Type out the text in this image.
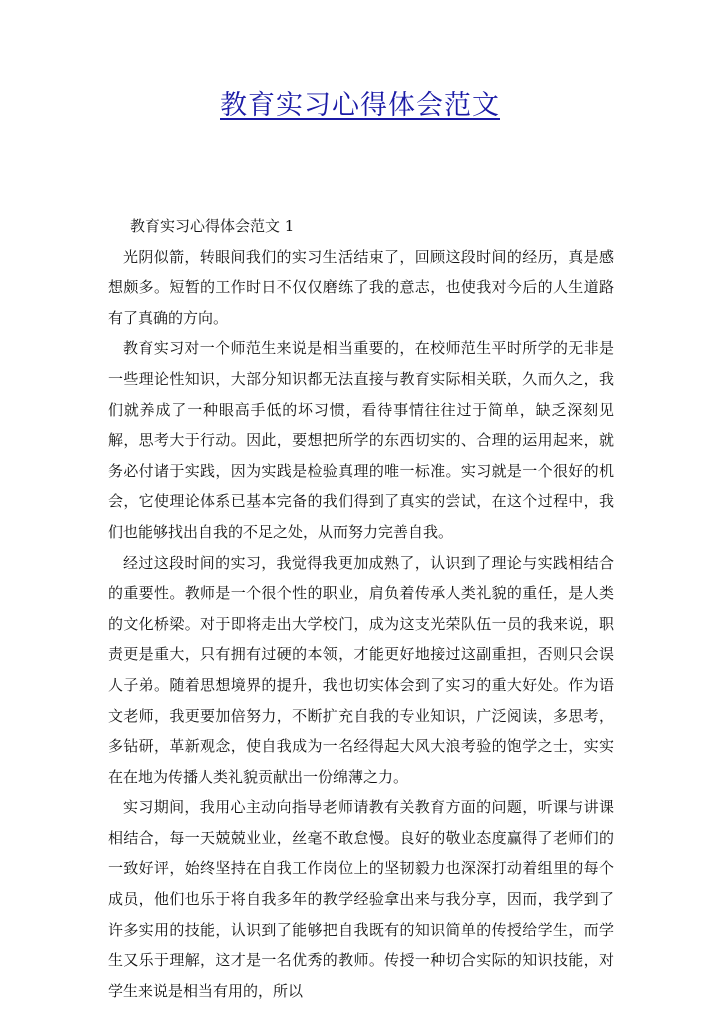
教育实习心得体会范文

教育实习心得体会范文 1

光阴似箭，转眼间我们的实习生活结束了，回顾这段时间的经历，真是感想颇多。短暂的工作时日不仅仅磨练了我的意志，也使我对今后的人生道路有了真确的方向。

教育实习对一个师范生来说是相当重要的，在校师范生平时所学的无非是一些理论性知识，大部分知识都无法直接与教育实际相关联，久而久之，我们就养成了一种眼高手低的坏习惯，看待事情往往过于简单，缺乏深刻见解，思考大于行动。因此，要想把所学的东西切实的、合理的运用起来，就务必付诸于实践，因为实践是检验真理的唯一标准。实习就是一个很好的机会，它使理论体系已基本完备的我们得到了真实的尝试，在这个过程中，我们也能够找出自我的不足之处，从而努力完善自我。

经过这段时间的实习，我觉得我更加成熟了，认识到了理论与实践相结合的重要性。教师是一个很个性的职业，肩负着传承人类礼貌的重任，是人类的文化桥梁。对于即将走出大学校门，成为这支光荣队伍一员的我来说，职责更是重大，只有拥有过硬的本领，才能更好地接过这副重担，否则只会误人子弟。随着思想境界的提升，我也切实体会到了实习的重大好处。作为语文老师，我更要加倍努力，不断扩充自我的专业知识，广泛阅读，多思考，多钻研，革新观念，使自我成为一名经得起大风大浪考验的饱学之士，实实在在地为传播人类礼貌贡献出一份绵薄之力。

实习期间，我用心主动向指导老师请教有关教育方面的问题，听课与讲课相结合，每一天兢兢业业，丝毫不敢怠慢。良好的敬业态度赢得了老师们的一致好评，始终坚持在自我工作岗位上的坚韧毅力也深深打动着组里的每个成员，他们也乐于将自我多年的教学经验拿出来与我分享，因而，我学到了许多实用的技能，认识到了能够把自我既有的知识简单的传授给学生，而学生又乐于理解，这才是一名优秀的教师。传授一种切合实际的知识技能，对学生来说是相当有用的，所以
